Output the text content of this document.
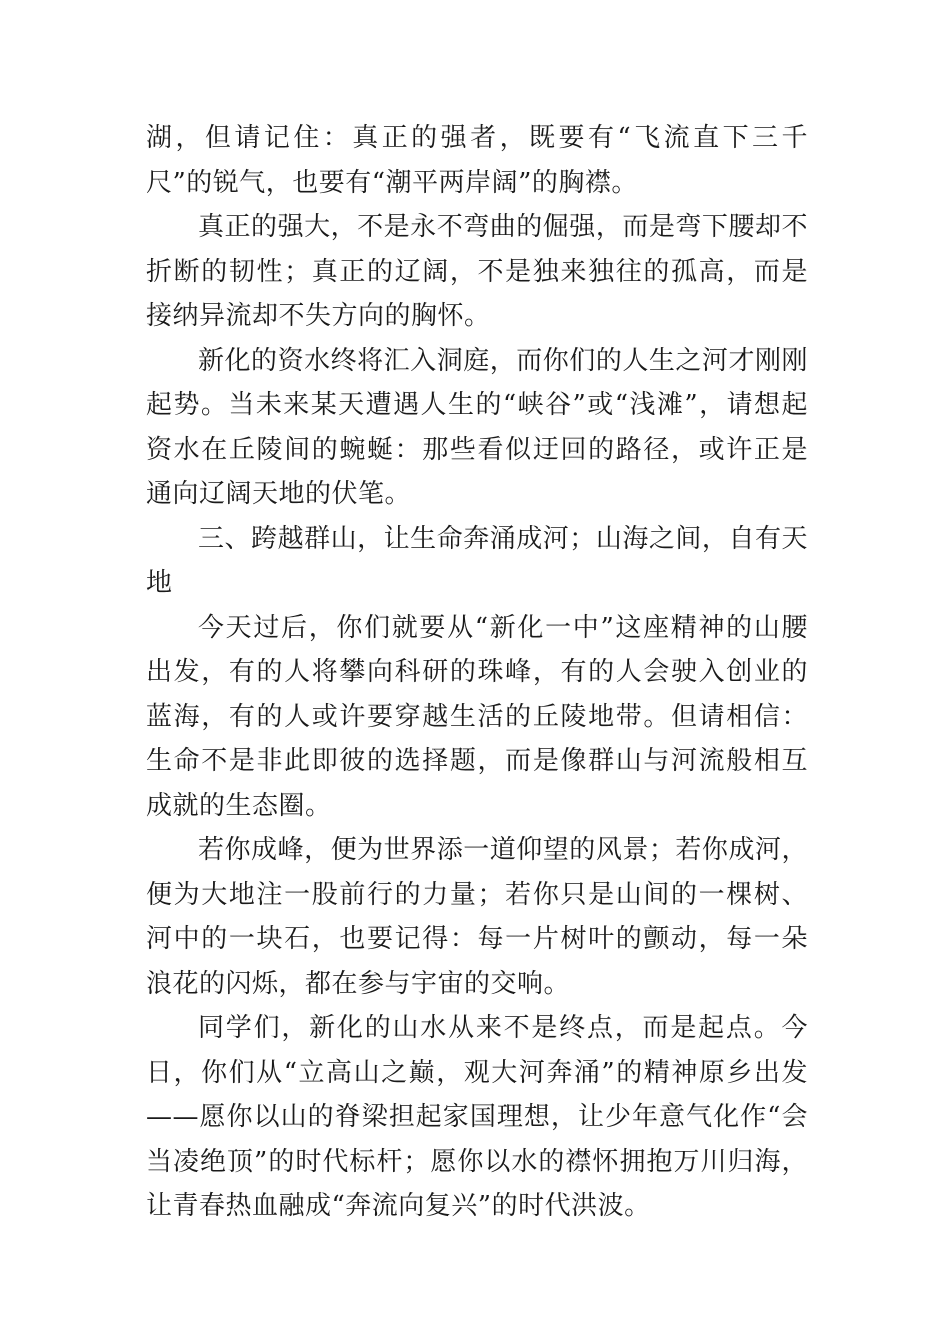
湖，但请记住：真正的强者，既要有“飞流直下三千尺”的锐气，也要有“潮平两岸阔”的胸襟。

真正的强大，不是永不弯曲的倔强，而是弯下腰却不折断的韧性；真正的辽阔，不是独来独往的孤高，而是接纳异流却不失方向的胸怀。

新化的资水终将汇入洞庭，而你们的人生之河才刚刚起势。当未来某天遭遇人生的“峡谷”或“浅滩”，请想起资水在丘陵间的蜿蜒：那些看似迂回的路径，或许正是通向辽阔天地的伏笔。

三、跨越群山，让生命奔涌成河；山海之间，自有天地

今天过后，你们就要从“新化一中”这座精神的山腰出发，有的人将攀向科研的珠峰，有的人会驶入创业的蓝海，有的人或许要穿越生活的丘陵地带。但请相信：生命不是非此即彼的选择题，而是像群山与河流般相互成就的生态圈。

若你成峰，便为世界添一道仰望的风景；若你成河，便为大地注一股前行的力量；若你只是山间的一棵树、河中的一块石，也要记得：每一片树叶的颤动，每一朵浪花的闪烁，都在参与宇宙的交响。

同学们，新化的山水从来不是终点，而是起点。今日，你们从“立高山之巅，观大河奔涌”的精神原乡出发——愿你以山的脊梁担起家国理想，让少年意气化作“会当凌绝顶”的时代标杆；愿你以水的襟怀拥抱万川归海，让青春热血融成“奔流向复兴”的时代洪波。
